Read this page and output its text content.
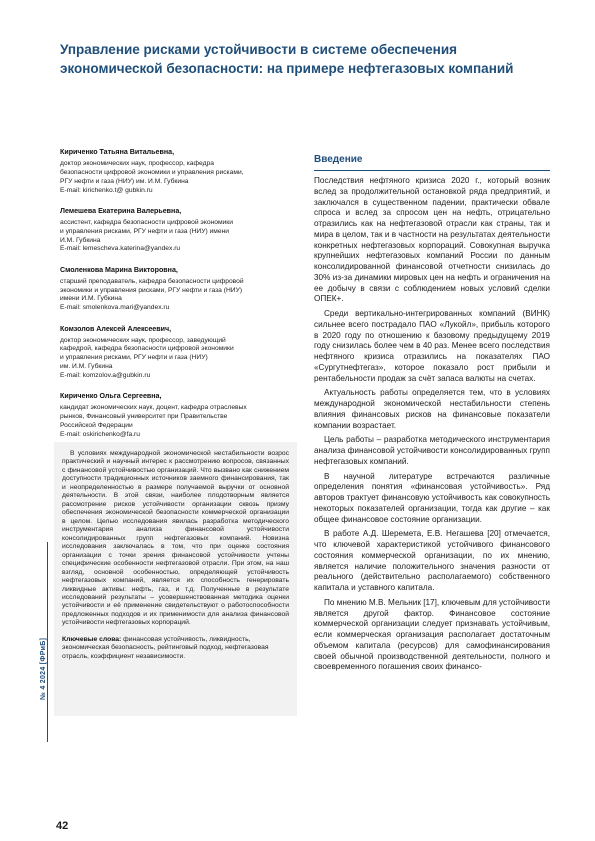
Управление рисками устойчивости в системе обеспечения экономической безопасности: на примере нефтегазовых компаний

Кириченко Татьяна Витальевна,

доктор экономических наук, профессор, кафедра

безопасности цифровой экономики и управления рисками,

РГУ нефти и газа (НИУ) им. И.М. Губкина

E-mail: kirichenko.t@ gubkin.ru

Лемешева Екатерина Валерьевна,

ассистент, кафедра безопасности цифровой экономики

и управления рисками, РГУ нефти и газа (НИУ) имени

И.М. Губкина

E-mail: lemescheva.katerina@yandex.ru

Смоленкова Марина Викторовна,

старший преподаватель, кафедра безопасности цифровой

экономики и управления рисками, РГУ нефти и газа (НИУ)

имени И.М. Губкина

E-mail: smolenkova.mari@yandex.ru

Комзолов Алексей Алексеевич,

доктор экономических наук, профессор, заведующий

кафедрой, кафедра безопасности цифровой экономики

и управления рисками, РГУ нефти и газа (НИУ)

им. И.М. Губкина

E-mail: komzolov.a@gubkin.ru

Кириченко Ольга Сергеевна,

кандидат экономических наук, доцент, кафедра отраслевых

рынков, Финансовый университет при Правительстве

Российской Федерации

E-mail: oskirichenko@fa.ru

В условиях международной экономической нестабильности возрос практический и научный интерес к рассмотрению вопросов, связанных с финансовой устойчивостью организаций. Что вызвано как снижением доступности традиционных источников заемного финансирования, так и неопределенностью в размере получаемой выручки от основной деятельности. В этой связи, наиболее плодотворным является рассмотрение рисков устойчивости организации сквозь призму обеспечения экономической безопасности коммерческой организации в целом. Целью исследования явилась разработка методического инструментария анализа финансовой устойчивости консолидированных групп нефтегазовых компаний. Новизна исследования заключалась в том, что при оценке состояния организации с точки зрения финансовой устойчивости учтены специфические особенности нефтегазовой отрасли. При этом, на наш взгляд, основной особенностью, определяющей устойчивость нефтегазовых компаний, является их способность генерировать ликвидные активы: нефть, газ, и т.д. Полученные в результате исследований результаты – усовершенствованная методика оценки устойчивости и её применение свидетельствуют о работоспособности предложенных подходов и их применимости для анализа финансовой устойчивости нефтегазовых корпораций.

Ключевые слова: финансовая устойчивость, ликвидность, экономическая безопасность, рейтинговый подход, нефтегазовая отрасль, коэффициент независимости.

Введение

Последствия нефтяного кризиса 2020 г., который возник вслед за продолжительной остановкой ряда предприятий, и заключался в существенном падении, практически обвале спроса и вслед за спросом цен на нефть, отрицательно отразились как на нефтегазовой отрасли как страны, так и мира в целом, так и в частности на результатах деятельности конкретных нефтегазовых корпораций. Совокупная выручка крупнейших нефтегазовых компаний России по данным консолидированной финансовой отчетности снизилась до 30% из-за динамики мировых цен на нефть и ограничения на ее добычу в связи с соблюдением новых условий сделки ОПЕК+.

Среди вертикально-интегрированных компаний (ВИНК) сильнее всего пострадало ПАО «Лукойл», прибыль которого в 2020 году по отношению к базовому предыдущему 2019 году снизилась более чем в 40 раз. Менее всего последствия нефтяного кризиса отразились на показателях ПАО «Сургутнефтегаз», которое показало рост прибыли и рентабельности продаж за счёт запаса валюты на счетах.

Актуальность работы определяется тем, что в условиях международной экономической нестабильности степень влияния финансовых рисков на финансовые показатели компании возрастает.

Цель работы – разработка методического инструментария анализа финансовой устойчивости консолидированных групп нефтегазовых компаний.

В научной литературе встречаются различные определения понятия «финансовая устойчивость». Ряд авторов трактует финансовую устойчивость как совокупность некоторых показателей организации, тогда как другие – как общее финансовое состояние организации.

В работе А.Д. Шеремета, Е.В. Негашева [20] отмечается, что ключевой характеристикой устойчивого финансового состояния коммерческой организации, по их мнению, является наличие положительного значения разности от реального (действительно располагаемого) собственного капитала и уставного капитала.

По мнению М.В. Мельник [17], ключевым для устойчивости является другой фактор. Финансовое состояние коммерческой организации следует признавать устойчивым, если коммерческая организация располагает достаточным объемом капитала (ресурсов) для самофинансирования своей обычной производственной деятельности, полного и своевременного погашения своих финансо-

№ 4 2024 [ФРиБ]

42
